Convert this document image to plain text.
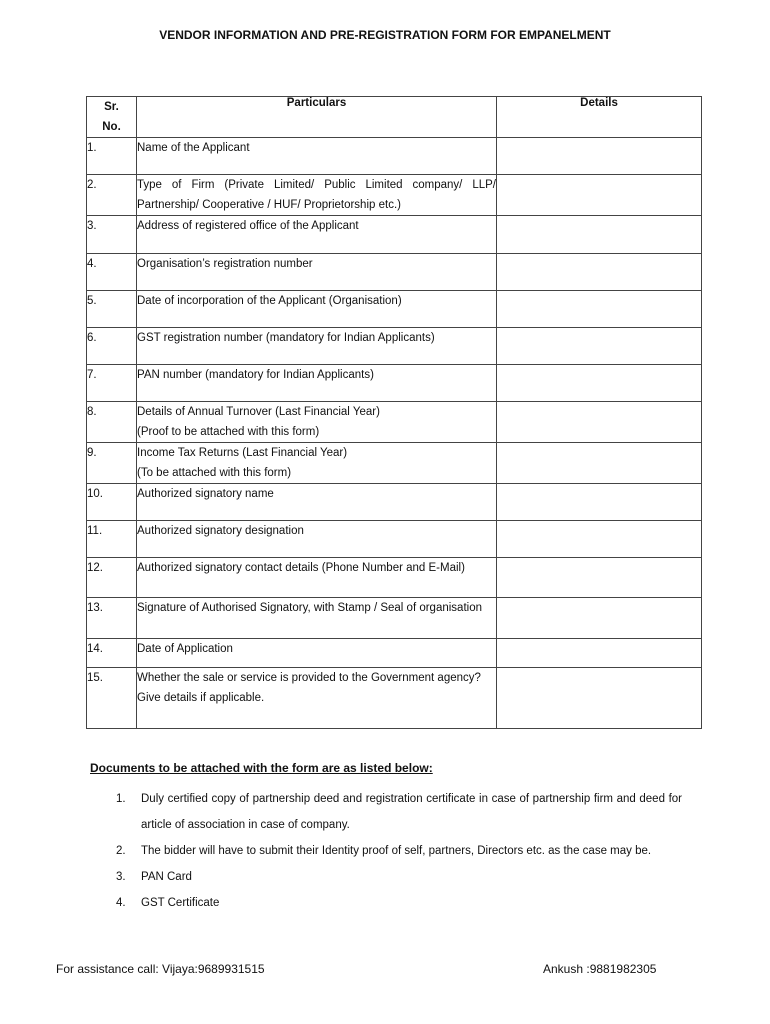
VENDOR INFORMATION AND PRE-REGISTRATION FORM FOR EMPANELMENT
Sr.
No.	Particulars	Details
1.	Name of the Applicant	
2.	Type of Firm (Private Limited/ Public Limited company/ LLP/ Partnership/ Cooperative / HUF/ Proprietorship etc.)	
3.	Address of registered office of the Applicant	
4.	Organisation’s registration number	
5.	Date of incorporation of the Applicant (Organisation)	
6.	GST registration number (mandatory for Indian Applicants)	
7.	PAN number (mandatory for Indian Applicants)	
8.	Details of Annual Turnover (Last Financial Year)
(Proof to be attached with this form)	

9.	Income Tax Returns (Last Financial Year)
(To be attached with this form)	

10.	Authorized signatory name	
11.	Authorized signatory designation	
12.	Authorized signatory contact details (Phone Number and E-Mail)	
13.	Signature of Authorised Signatory, with Stamp / Seal of organisation	
14.	Date of Application	
15.	Whether the sale or service is provided to the Government agency?
Give details if applicable.	

Documents to be attached with the form are as listed below:
1. Duly certified copy of partnership deed and registration certificate in case of partnership firm and deed for article of association in case of company.
2. The bidder will have to submit their Identity proof of self, partners, Directors etc. as the case may be.
3. PAN Card
4. GST Certificate
For assistance call: Vijaya:9689931515	Ankush :9881982305
